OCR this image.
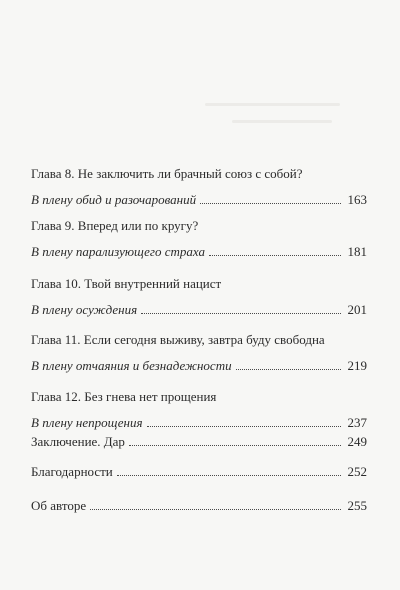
Глава 8. Не заключить ли брачный союз с собой?
В плену обид и разочарований	163
Глава 9. Вперед или по кругу?
В плену парализующего страха	181
Глава 10. Твой внутренний нацист
В плену осуждения	201
Глава 11. Если сегодня выживу, завтра буду свободна
В плену отчаяния и безнадежности	219
Глава 12. Без гнева нет прощения
В плену непрощения	237
Заключение. Дар	249
Благодарности	252
Об авторе	255
